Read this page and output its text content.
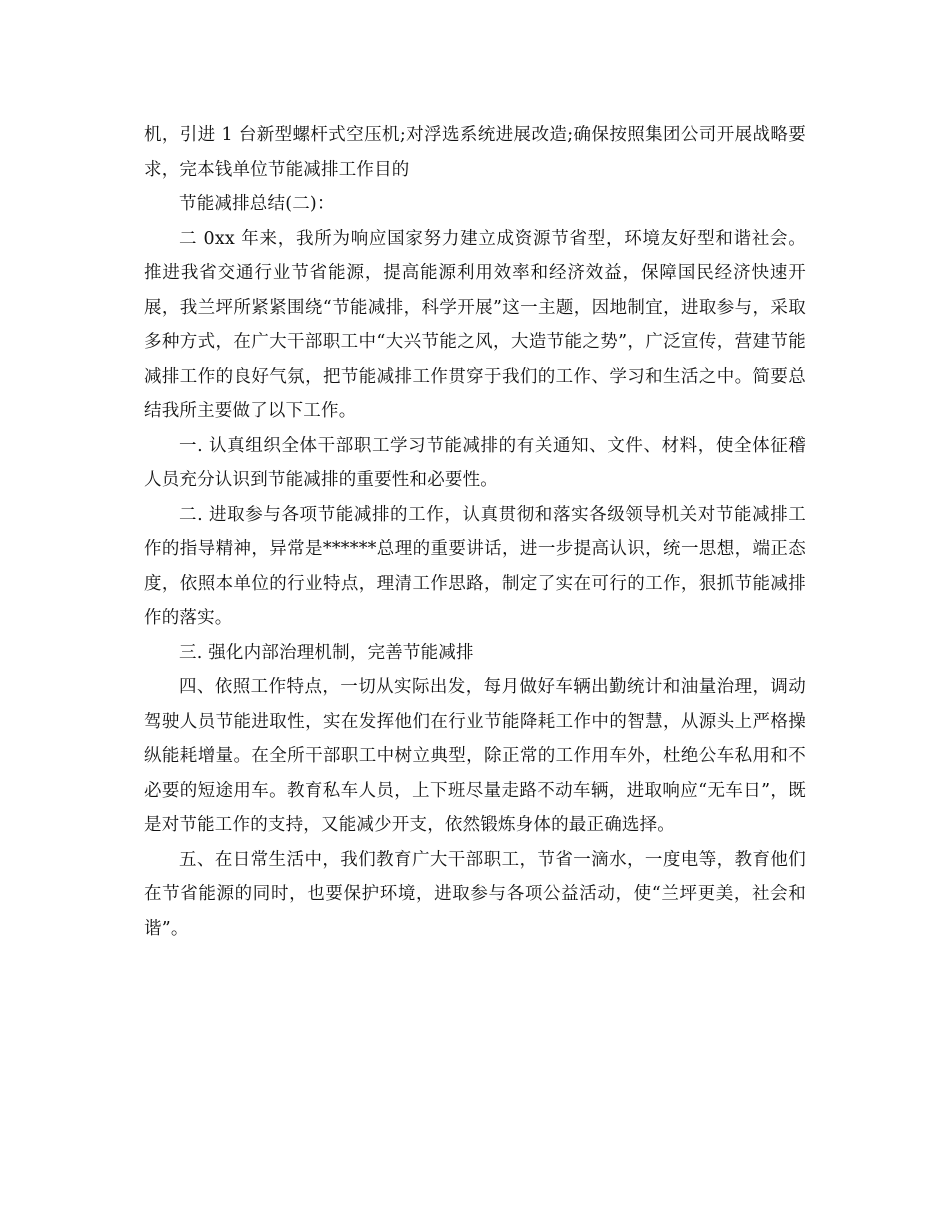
机，引进 1 台新型螺杆式空压机;对浮选系统进展改造;确保按照集团公司开展战略要求，完本钱单位节能减排工作目的

节能减排总结(二)：

二 0xx 年来，我所为响应国家努力建立成资源节省型，环境友好型和谐社会。推进我省交通行业节省能源，提高能源利用效率和经济效益，保障国民经济快速开展，我兰坪所紧紧围绕“节能减排，科学开展”这一主题，因地制宜，进取参与，采取多种方式，在广大干部职工中“大兴节能之风，大造节能之势”，广泛宣传，营建节能减排工作的良好气氛，把节能减排工作贯穿于我们的工作、学习和生活之中。简要总结我所主要做了以下工作。

一. 认真组织全体干部职工学习节能减排的有关通知、文件、材料，使全体征稽人员充分认识到节能减排的重要性和必要性。

二. 进取参与各项节能减排的工作，认真贯彻和落实各级领导机关对节能减排工作的指导精神，异常是******总理的重要讲话，进一步提高认识，统一思想，端正态度，依照本单位的行业特点，理清工作思路，制定了实在可行的工作，狠抓节能减排作的落实。

三. 强化内部治理机制，完善节能减排

四、依照工作特点，一切从实际出发，每月做好车辆出勤统计和油量治理，调动驾驶人员节能进取性，实在发挥他们在行业节能降耗工作中的智慧，从源头上严格操纵能耗增量。在全所干部职工中树立典型，除正常的工作用车外，杜绝公车私用和不必要的短途用车。教育私车人员，上下班尽量走路不动车辆，进取响应“无车日”，既是对节能工作的支持，又能减少开支，依然锻炼身体的最正确选择。

五、在日常生活中，我们教育广大干部职工，节省一滴水，一度电等，教育他们在节省能源的同时，也要保护环境，进取参与各项公益活动，使“兰坪更美，社会和谐”。
